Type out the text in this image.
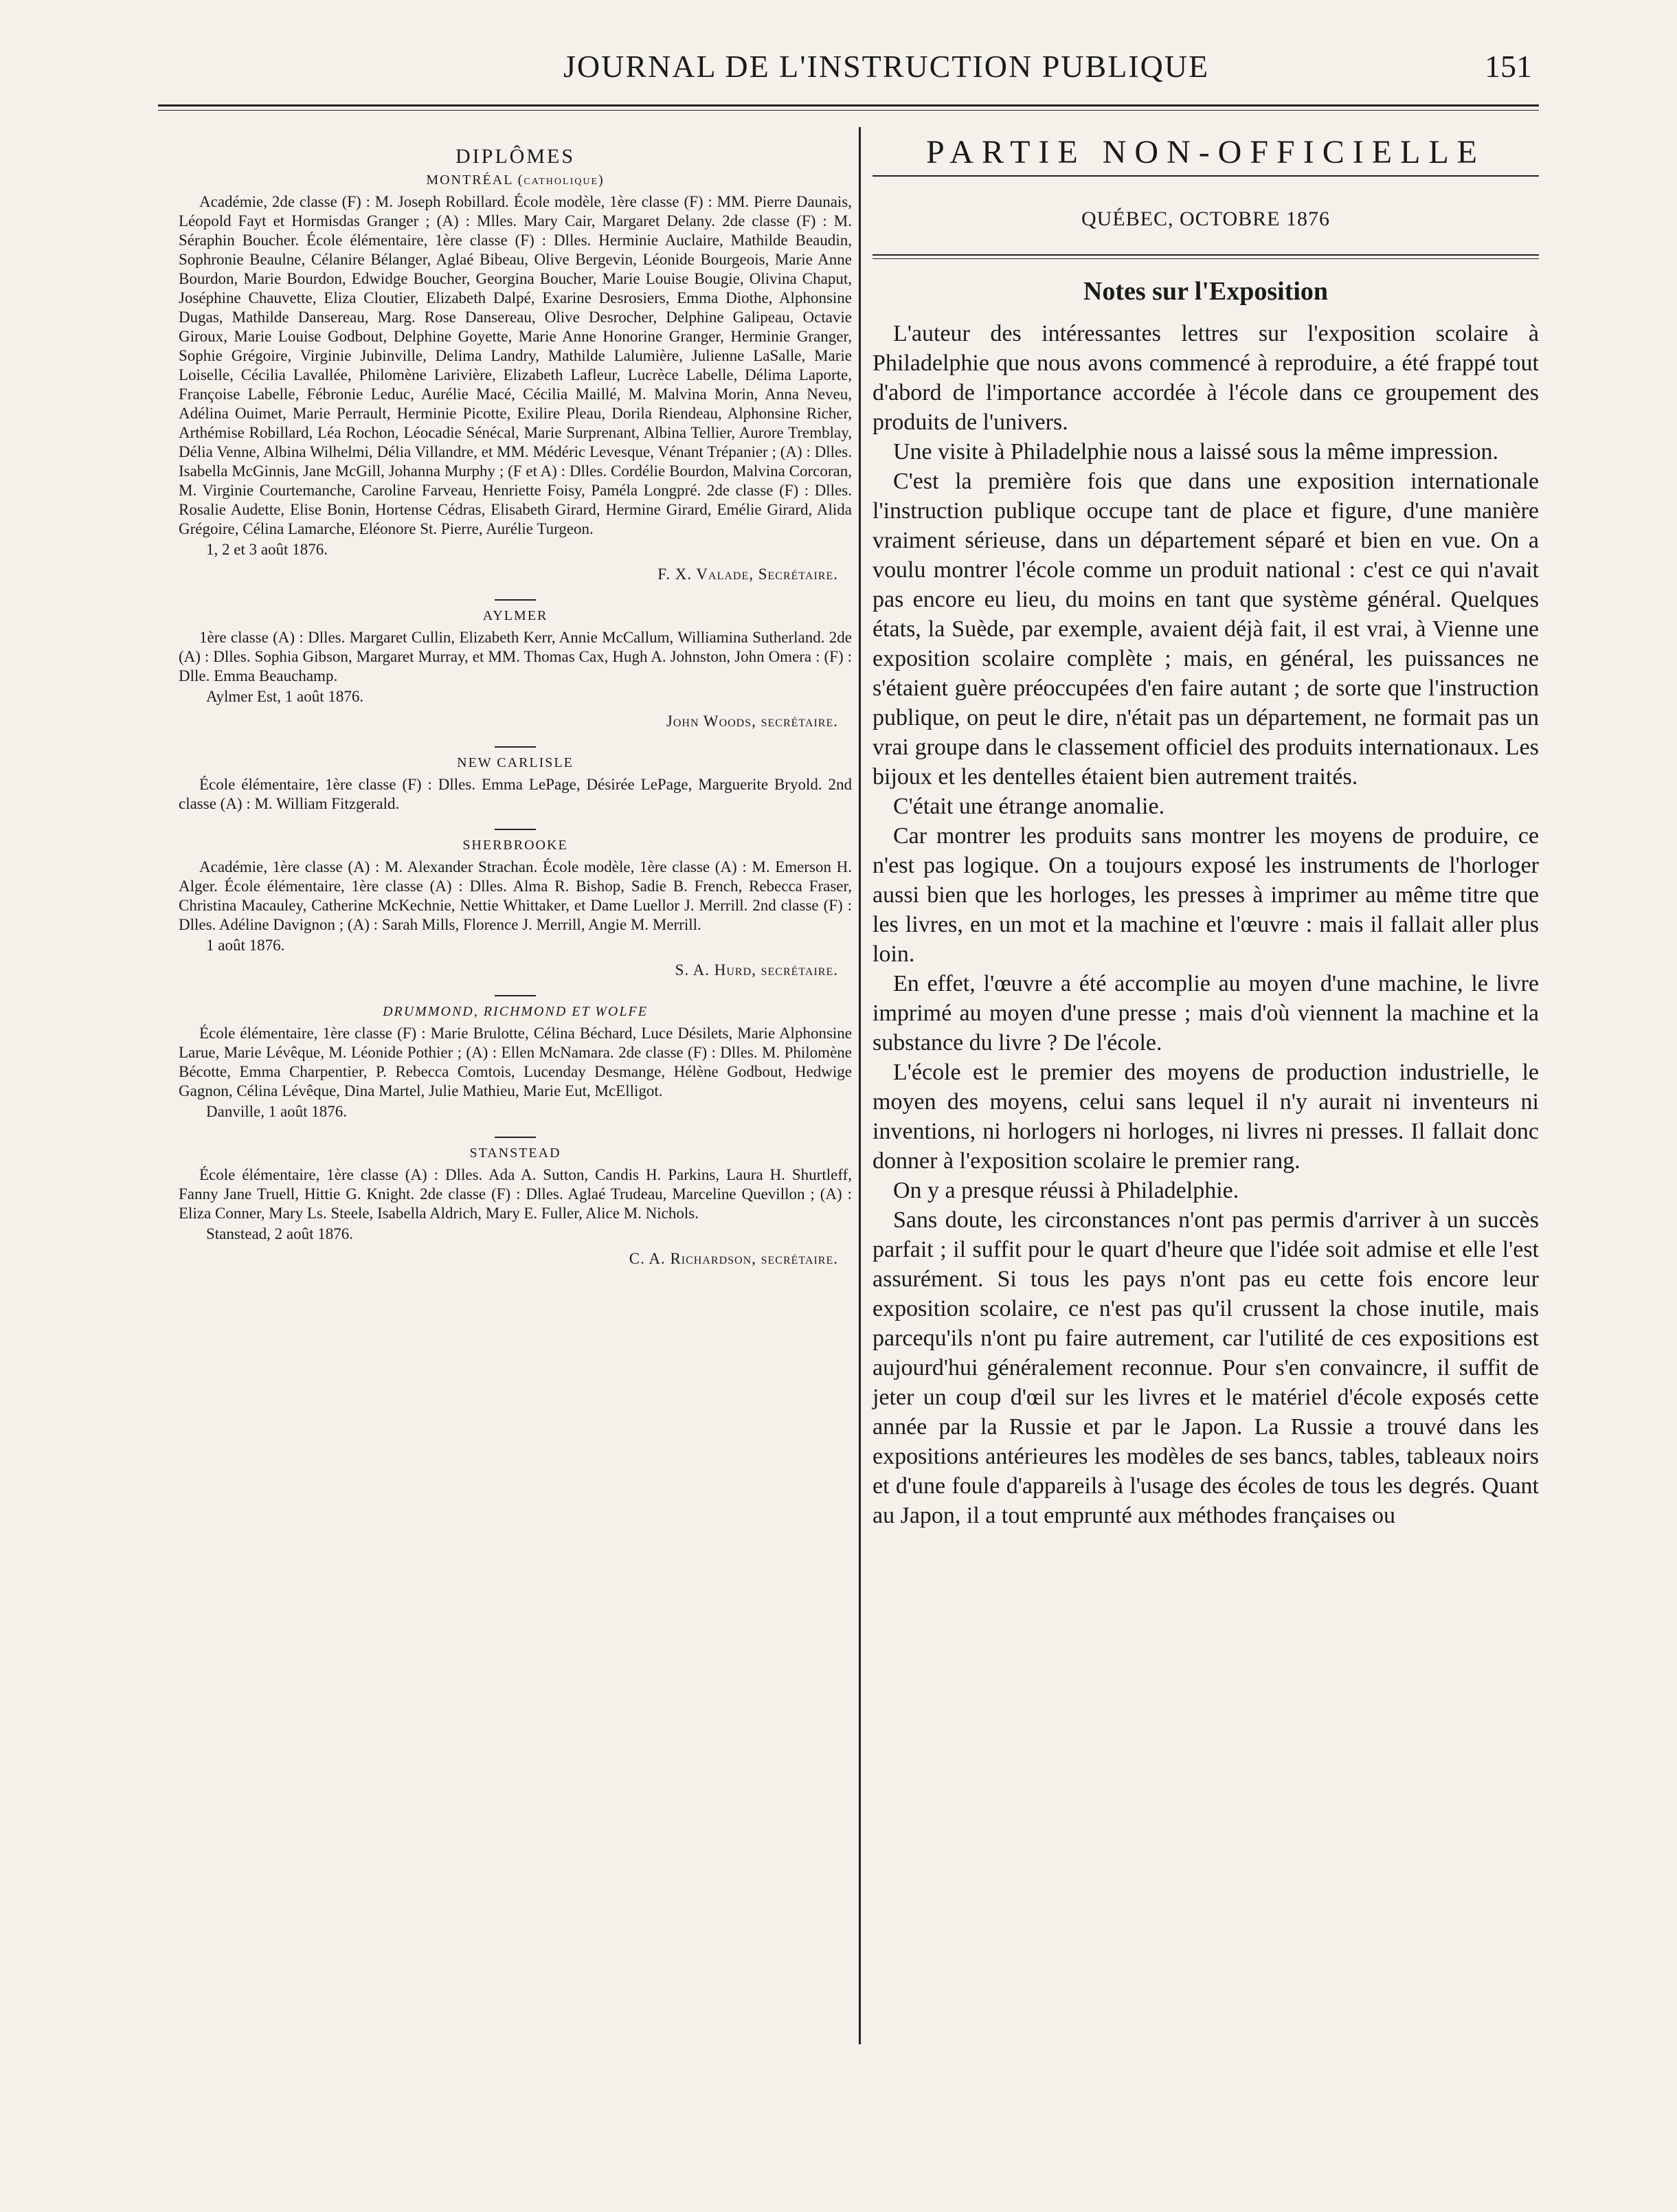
JOURNAL DE L'INSTRUCTION PUBLIQUE	151
DIPLÔMES
MONTRÉAL (catholique)

Académie, 2de classe (F) : M. Joseph Robillard. École modèle, 1ère classe (F) : MM. Pierre Daunais, Léopold Fayt et Hormisdas Granger ; (A) : Mlles. Mary Cair, Margaret Delany. 2de classe (F) : M. Séraphin Boucher. École élémentaire, 1ère classe (F) : Dlles. Herminie Auclaire, Mathilde Beaudin, Sophronie Beaulne, Célanire Bélanger, Aglaé Bibeau, Olive Bergevin, Léonide Bourgeois, Marie Anne Bourdon, Marie Bourdon, Edwidge Boucher, Georgina Boucher, Marie Louise Bougie, Olivina Chaput, Joséphine Chauvette, Eliza Cloutier, Elizabeth Dalpé, Exarine Desrosiers, Emma Diothe, Alphonsine Dugas, Mathilde Dansereau, Marg. Rose Dansereau, Olive Desrocher, Delphine Galipeau, Octavie Giroux, Marie Louise Godbout, Delphine Goyette, Marie Anne Honorine Granger, Herminie Granger, Sophie Grégoire, Virginie Jubinville, Delima Landry, Mathilde Lalumière, Julienne LaSalle, Marie Loiselle, Cécilia Lavallée, Philomène Larivière, Elizabeth Lafleur, Lucrèce Labelle, Délima Laporte, Françoise Labelle, Fébronie Leduc, Aurélie Macé, Cécilia Maillé, M. Malvina Morin, Anna Neveu, Adélina Ouimet, Marie Perrault, Herminie Picotte, Exilire Pleau, Dorila Riendeau, Alphonsine Richer, Arthémise Robillard, Léa Rochon, Léocadie Sénécal, Marie Surprenant, Albina Tellier, Aurore Tremblay, Délia Venne, Albina Wilhelmi, Délia Villandre, et MM. Médéric Levesque, Vénant Trépanier ; (A) : Dlles. Isabella McGinnis, Jane McGill, Johanna Murphy ; (F et A) : Dlles. Cordélie Bourdon, Malvina Corcoran, M. Virginie Courtemanche, Caroline Farveau, Henriette Foisy, Paméla Longpré. 2de classe (F) : Dlles. Rosalie Audette, Elise Bonin, Hortense Cédras, Elisabeth Girard, Hermine Girard, Emélie Girard, Alida Grégoire, Célina Lamarche, Eléonore St. Pierre, Aurélie Turgeon.

1, 2 et 3 août 1876.
F. X. Valade, Secrétaire.
AYLMER

1ère classe (A) : Dlles. Margaret Cullin, Elizabeth Kerr, Annie McCallum, Williamina Sutherland. 2de (A) : Dlles. Sophia Gibson, Margaret Murray, et MM. Thomas Cax, Hugh A. Johnston, John Omera : (F) : Dlle. Emma Beauchamp.

Aylmer Est, 1 août 1876.
John Woods, secrétaire.
NEW CARLISLE

École élémentaire, 1ère classe (F) : Dlles. Emma LePage, Désirée LePage, Marguerite Bryold. 2nd classe (A) : M. William Fitzgerald.

SHERBROOKE

Académie, 1ère classe (A) : M. Alexander Strachan. École modèle, 1ère classe (A) : M. Emerson H. Alger. École élémentaire, 1ère classe (A) : Dlles. Alma R. Bishop, Sadie B. French, Rebecca Fraser, Christina Macauley, Catherine McKechnie, Nettie Whittaker, et Dame Luellor J. Merrill. 2nd classe (F) : Dlles. Adéline Davignon ; (A) : Sarah Mills, Florence J. Merrill, Angie M. Merrill.

1 août 1876.
S. A. Hurd, secrétaire.
DRUMMOND, RICHMOND ET WOLFE

École élémentaire, 1ère classe (F) : Marie Brulotte, Célina Béchard, Luce Désilets, Marie Alphonsine Larue, Marie Lévêque, M. Léonide Pothier ; (A) : Ellen McNamara. 2de classe (F) : Dlles. M. Philomène Bécotte, Emma Charpentier, P. Rebecca Comtois, Lucenday Desmange, Hélène Godbout, Hedwige Gagnon, Célina Lévêque, Dina Martel, Julie Mathieu, Marie Eut, McElligot.

Danville, 1 août 1876.
STANSTEAD

École élémentaire, 1ère classe (A) : Dlles. Ada A. Sutton, Candis H. Parkins, Laura H. Shurtleff, Fanny Jane Truell, Hittie G. Knight. 2de classe (F) : Dlles. Aglaé Trudeau, Marceline Quevillon ; (A) : Eliza Conner, Mary Ls. Steele, Isabella Aldrich, Mary E. Fuller, Alice M. Nichols.

Stanstead, 2 août 1876.
C. A. Richardson, secrétaire.
PARTIE NON-OFFICIELLE
QUÉBEC, OCTOBRE 1876
Notes sur l'Exposition

L'auteur des intéressantes lettres sur l'exposition scolaire à Philadelphie que nous avons commencé à reproduire, a été frappé tout d'abord de l'importance accordée à l'école dans ce groupement des produits de l'univers.

Une visite à Philadelphie nous a laissé sous la même impression.

C'est la première fois que dans une exposition internationale l'instruction publique occupe tant de place et figure, d'une manière vraiment sérieuse, dans un département séparé et bien en vue. On a voulu montrer l'école comme un produit national : c'est ce qui n'avait pas encore eu lieu, du moins en tant que système général. Quelques états, la Suède, par exemple, avaient déjà fait, il est vrai, à Vienne une exposition scolaire complète ; mais, en général, les puissances ne s'étaient guère préoccupées d'en faire autant ; de sorte que l'instruction publique, on peut le dire, n'était pas un département, ne formait pas un vrai groupe dans le classement officiel des produits internationaux. Les bijoux et les dentelles étaient bien autrement traités.

C'était une étrange anomalie.

Car montrer les produits sans montrer les moyens de produire, ce n'est pas logique. On a toujours exposé les instruments de l'horloger aussi bien que les horloges, les presses à imprimer au même titre que les livres, en un mot et la machine et l'œuvre : mais il fallait aller plus loin.

En effet, l'œuvre a été accomplie au moyen d'une machine, le livre imprimé au moyen d'une presse ; mais d'où viennent la machine et la substance du livre ? De l'école.

L'école est le premier des moyens de production industrielle, le moyen des moyens, celui sans lequel il n'y aurait ni inventeurs ni inventions, ni horlogers ni horloges, ni livres ni presses. Il fallait donc donner à l'exposition scolaire le premier rang.

On y a presque réussi à Philadelphie.

Sans doute, les circonstances n'ont pas permis d'arriver à un succès parfait ; il suffit pour le quart d'heure que l'idée soit admise et elle l'est assurément. Si tous les pays n'ont pas eu cette fois encore leur exposition scolaire, ce n'est pas qu'il crussent la chose inutile, mais parcequ'ils n'ont pu faire autrement, car l'utilité de ces expositions est aujourd'hui généralement reconnue. Pour s'en convaincre, il suffit de jeter un coup d'œil sur les livres et le matériel d'école exposés cette année par la Russie et par le Japon. La Russie a trouvé dans les expositions antérieures les modèles de ses bancs, tables, tableaux noirs et d'une foule d'appareils à l'usage des écoles de tous les degrés. Quant au Japon, il a tout emprunté aux méthodes françaises ou
